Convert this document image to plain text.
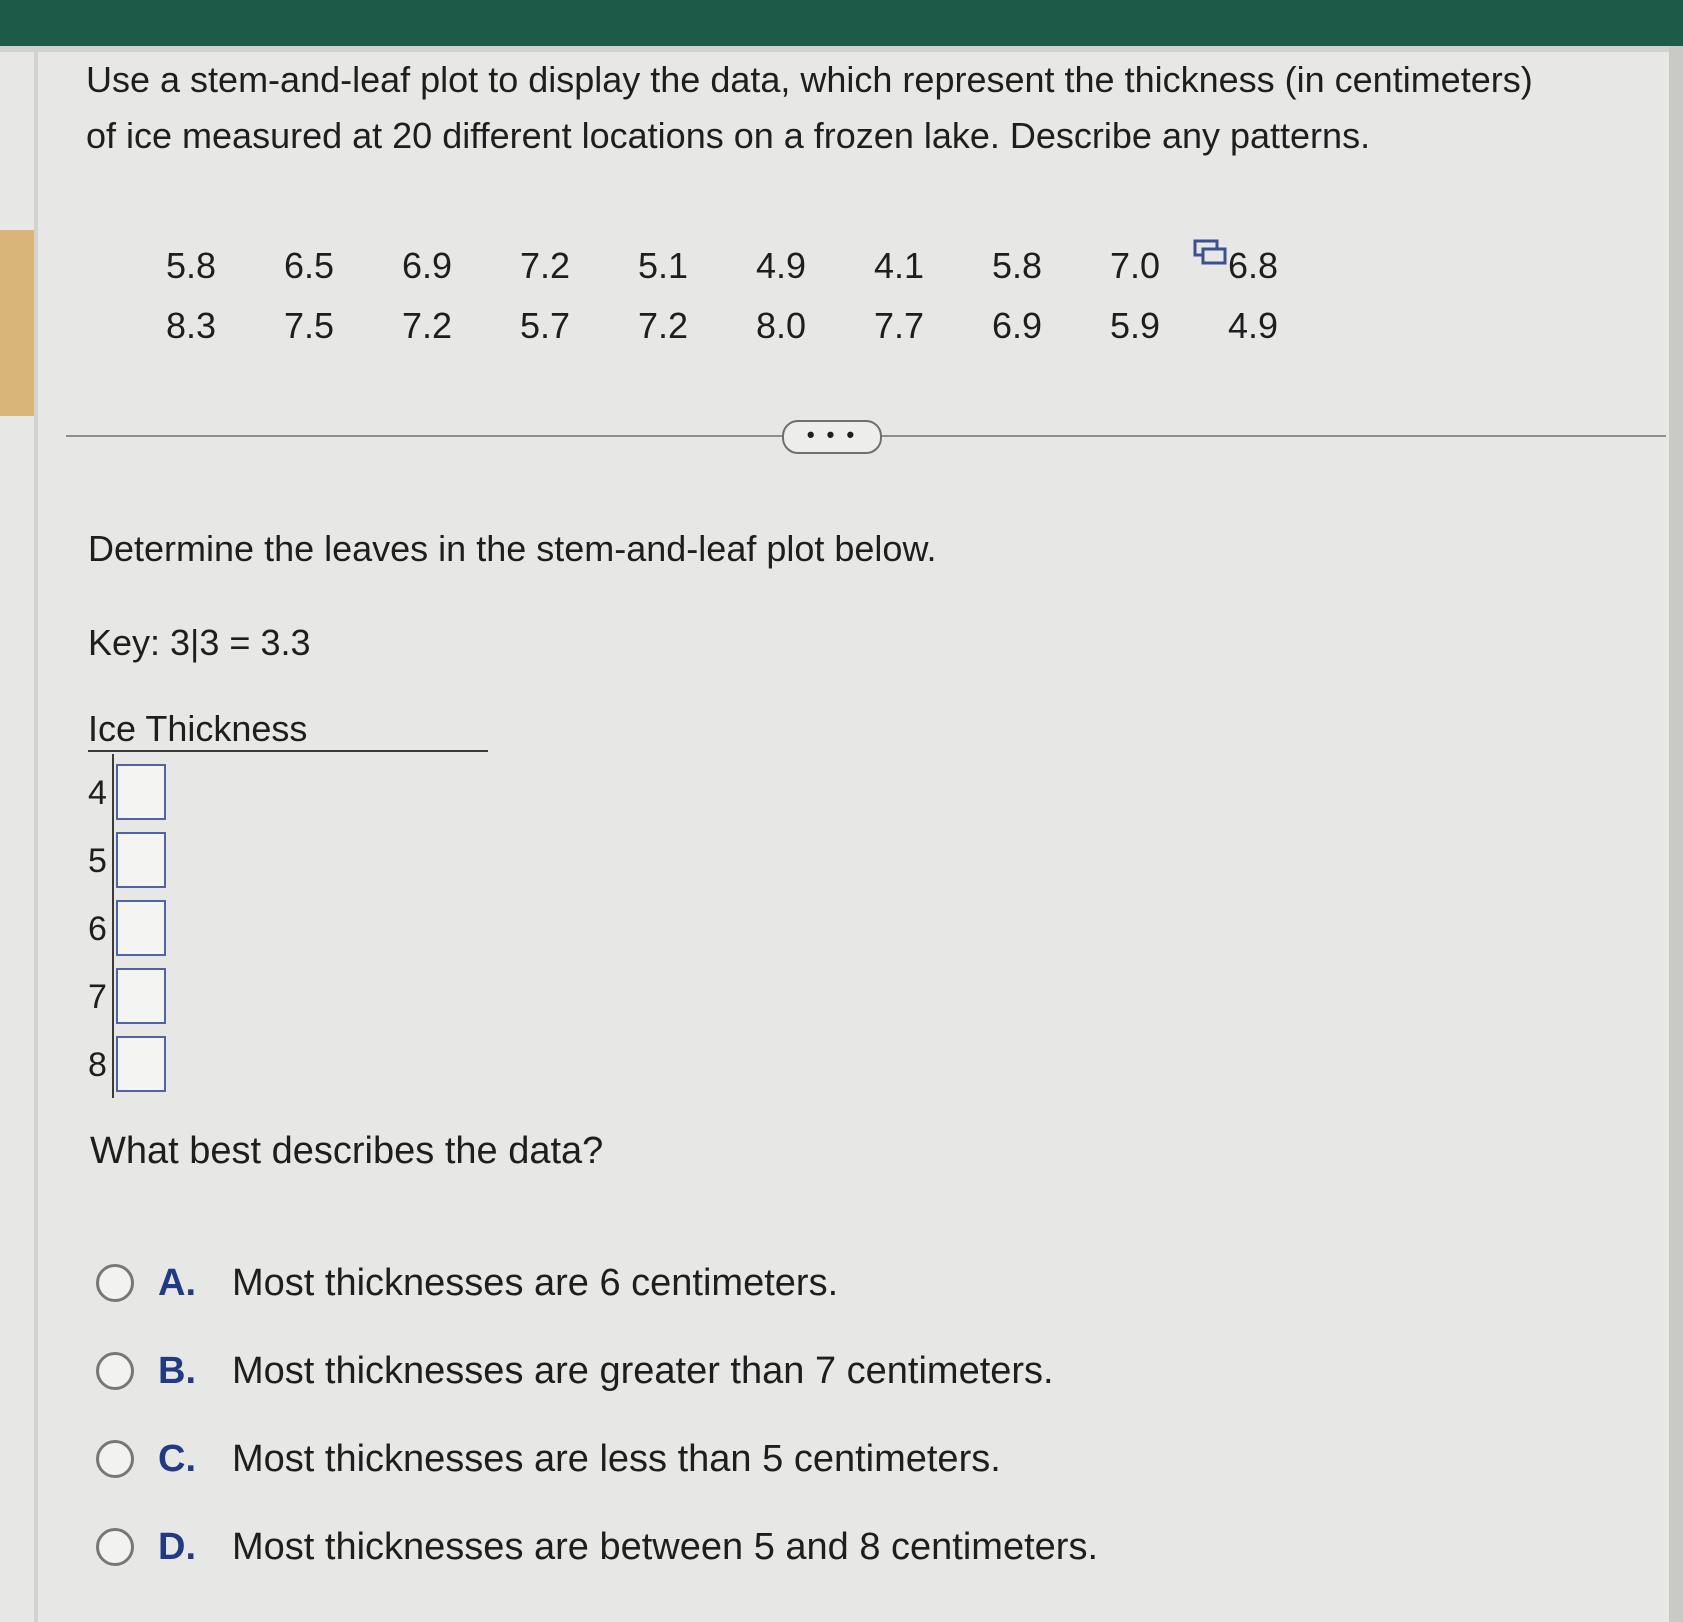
Use a stem-and-leaf plot to display the data, which represent the thickness (in centimeters) of ice measured at 20 different locations on a frozen lake. Describe any patterns.
5.8	6.5	6.9	7.2	5.1	4.9	4.1	5.8	7.0	6.8
8.3	7.5	7.2	5.7	7.2	8.0	7.7	6.9	5.9	4.9
• • •
Determine the leaves in the stem-and-leaf plot below.
Key: 3|3 = 3.3
Ice Thickness
4
5
6
7
8
What best describes the data?
A. Most thicknesses are 6 centimeters.
B. Most thicknesses are greater than 7 centimeters.
C. Most thicknesses are less than 5 centimeters.
D. Most thicknesses are between 5 and 8 centimeters.
